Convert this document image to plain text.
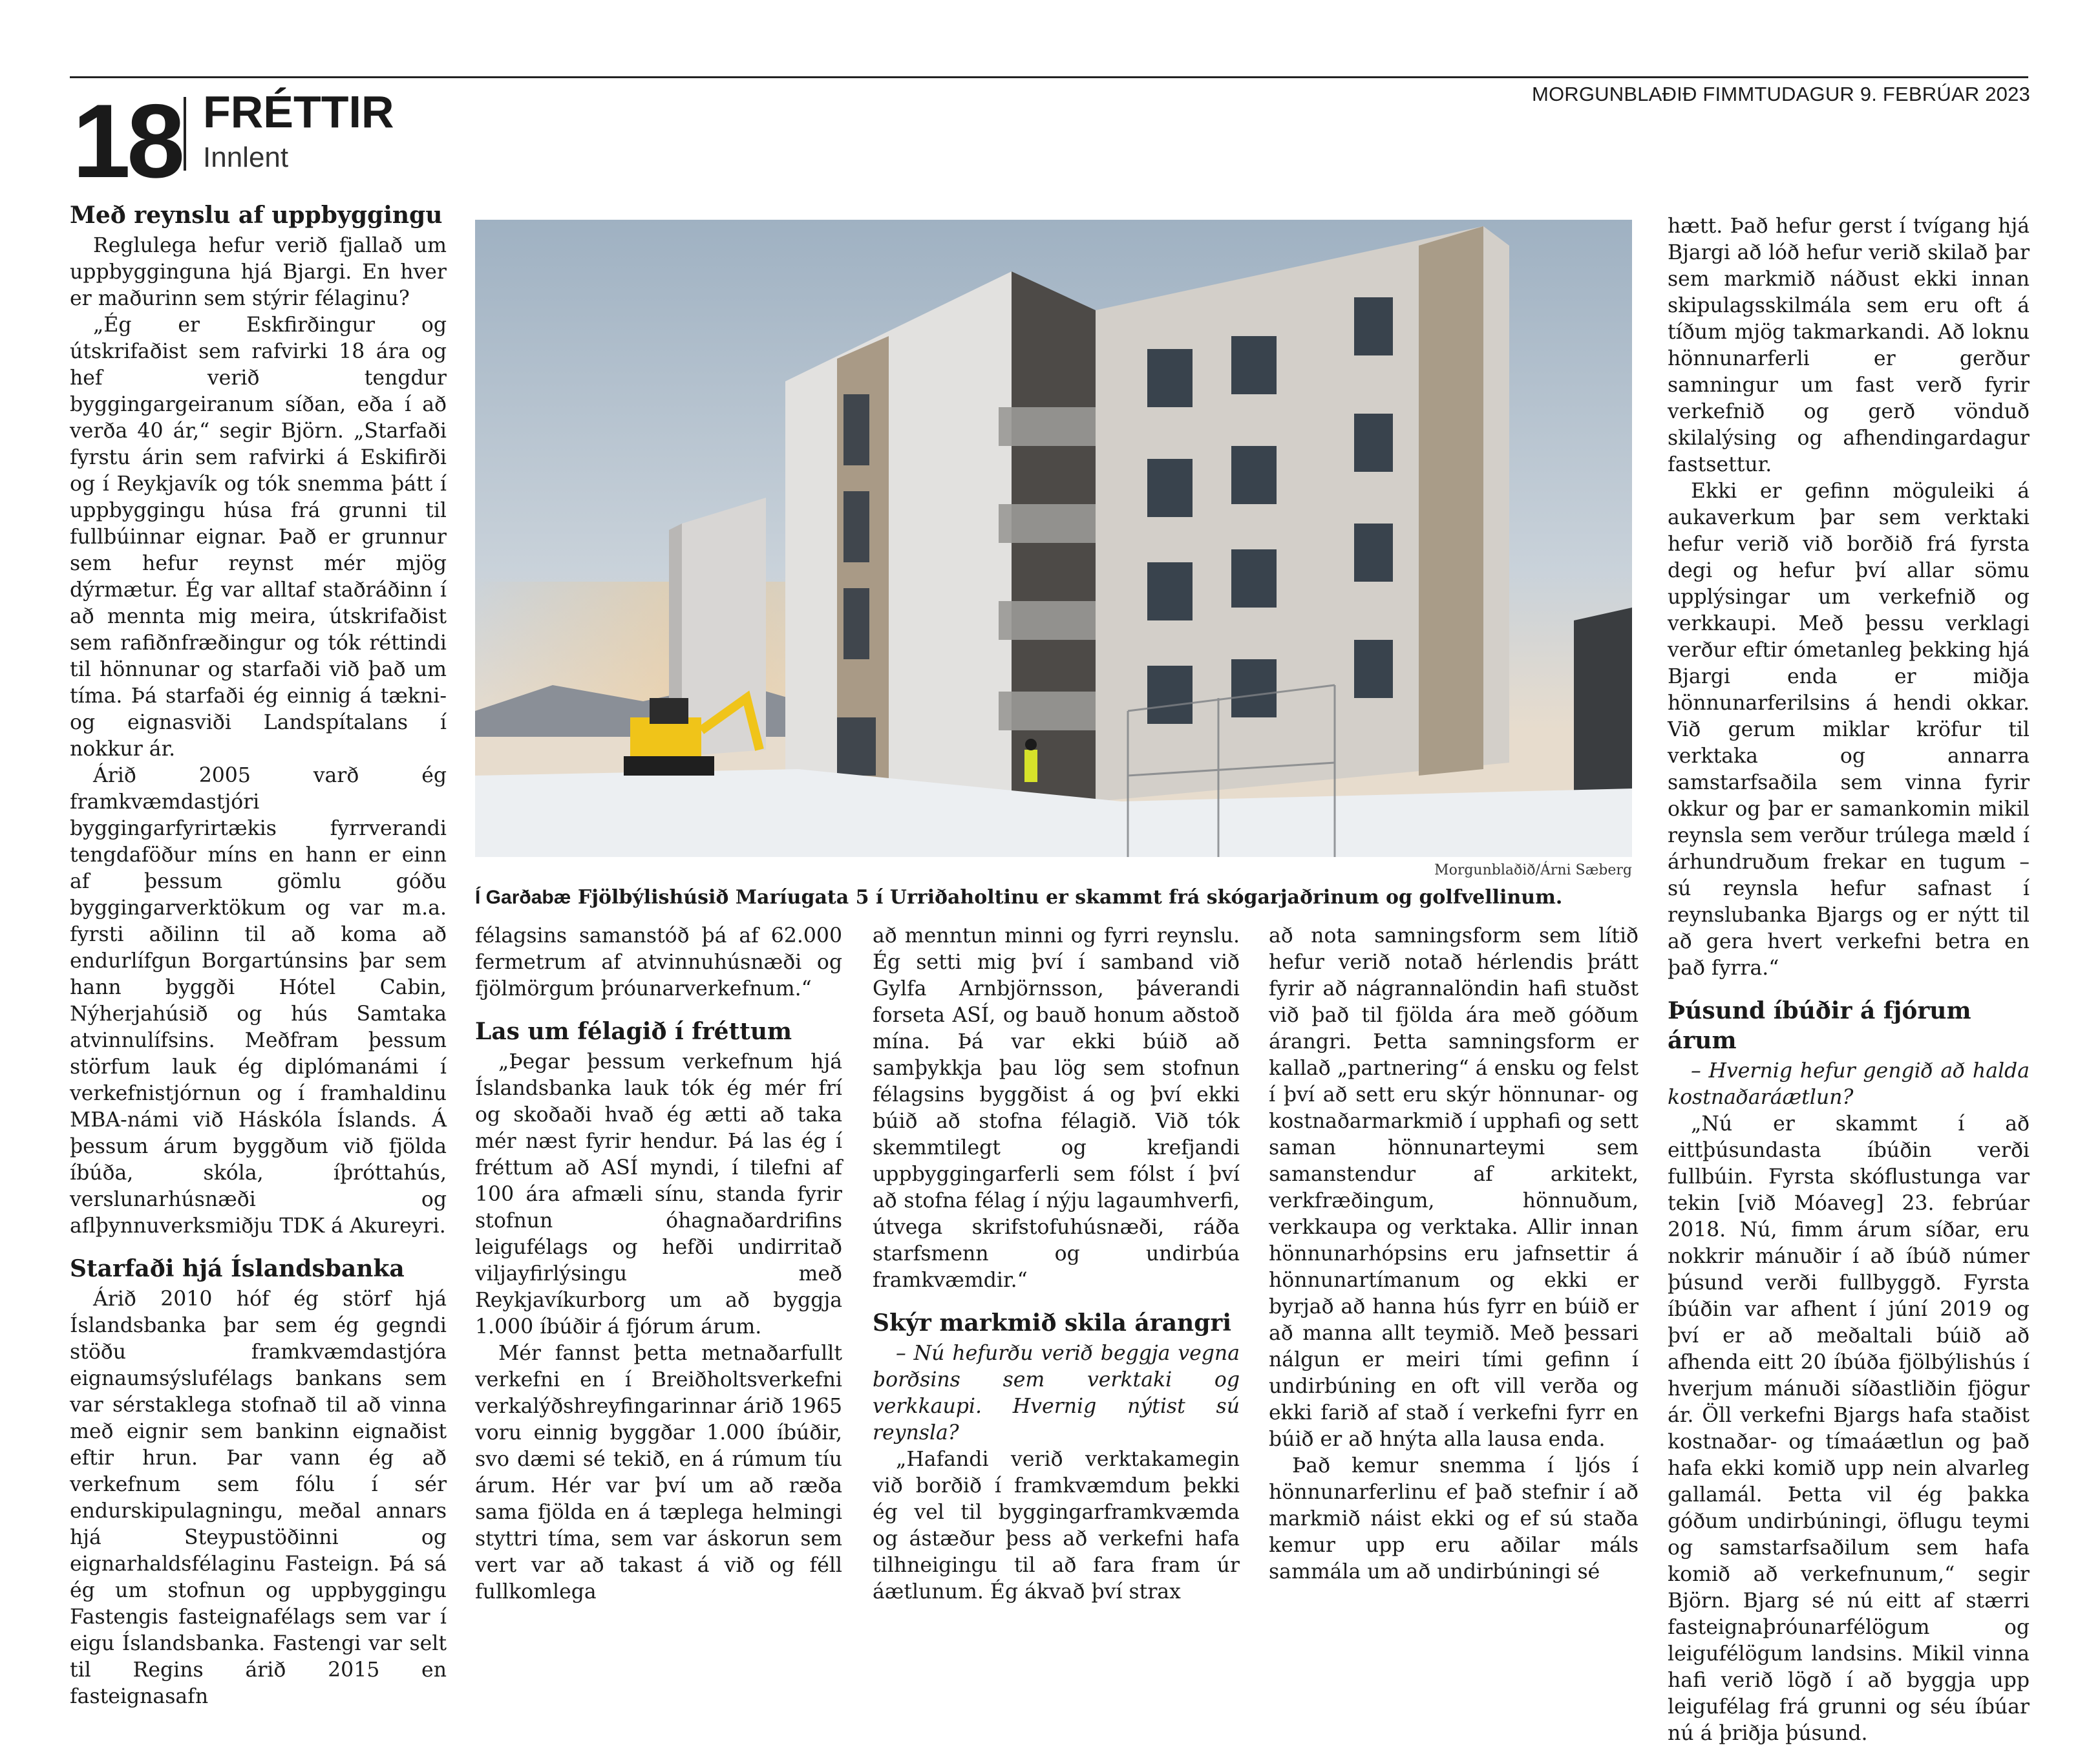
18 FRÉTTIR
Innlent
MORGUNBLAÐIÐ FIMMTUDAGUR 9. FEBRÚAR 2023
Með reynslu af uppbyggingu

Reglulega hefur verið fjallað um uppbygginguna hjá Bjargi. En hver er maðurinn sem stýrir félaginu?

„Ég er Eskfirðingur og útskrifaðist sem rafvirki 18 ára og hef verið tengdur byggingargeiranum síðan, eða í að verða 40 ár,“ segir Björn. „Starfaði fyrstu árin sem rafvirki á Eskifirði og í Reykjavík og tók snemma þátt í uppbyggingu húsa frá grunni til fullbúinnar eignar. Það er grunnur sem hefur reynst mér mjög dýrmætur. Ég var alltaf staðráðinn í að mennta mig meira, útskrifaðist sem rafiðnfræðingur og tók réttindi til hönnunar og starfaði við það um tíma. Þá starfaði ég einnig á tækni- og eignasviði Landspítalans í nokkur ár.

Árið 2005 varð ég framkvæmdastjóri byggingarfyrirtækis fyrrverandi tengdaföður míns en hann er einn af þessum gömlu góðu byggingarverktökum og var m.a. fyrsti aðilinn til að koma að endurlífgun Borgartúnsins þar sem hann byggði Hótel Cabin, Nýherjahúsið og hús Samtaka atvinnulífsins. Meðfram þessum störfum lauk ég diplómanámi í verkefnistjórnun og í framhaldinu MBA-námi við Háskóla Íslands. Á þessum árum byggðum við fjölda íbúða, skóla, íþróttahús, verslunarhúsnæði og aflþynnuverksmiðju TDK á Akureyri.

Starfaði hjá Íslandsbanka

Árið 2010 hóf ég störf hjá Íslandsbanka þar sem ég gegndi stöðu framkvæmdastjóra eignaumsýslufélags bankans sem var sérstaklega stofnað til að vinna með eignir sem bankinn eignaðist eftir hrun. Þar vann ég að verkefnum sem fólu í sér endurskipulagningu, meðal annars hjá Steypustöðinni og eignarhaldsfélaginu Fasteign. Þá sá ég um stofnun og uppbyggingu Fastengis fasteignafélags sem var í eigu Íslandsbanka. Fastengi var selt til Regins árið 2015 en fasteignasafn

Morgunblaðið/Árni Sæberg
Í Garðabæ Fjölbýlishúsið Maríugata 5 í Urriðaholtinu er skammt frá skógarjaðrinum og golfvellinum.

félagsins samanstóð þá af 62.000 fermetrum af atvinnuhúsnæði og fjölmörgum þróunarverkefnum.“

Las um félagið í fréttum

„Þegar þessum verkefnum hjá Íslandsbanka lauk tók ég mér frí og skoðaði hvað ég ætti að taka mér næst fyrir hendur. Þá las ég í fréttum að ASÍ myndi, í tilefni af 100 ára afmæli sínu, standa fyrir stofnun óhagnaðardrifins leigufélags og hefði undirritað viljayfirlýsingu með Reykjavíkurborg um að byggja 1.000 íbúðir á fjórum árum.

Mér fannst þetta metnaðarfullt verkefni en í Breiðholtsverkefni verkalýðshreyfingarinnar árið 1965 voru einnig byggðar 1.000 íbúðir, svo dæmi sé tekið, en á rúmum tíu árum. Hér var því um að ræða sama fjölda en á tæplega helmingi styttri tíma, sem var áskorun sem vert var að takast á við og féll fullkomlega

að menntun minni og fyrri reynslu. Ég setti mig því í samband við Gylfa Arnbjörnsson, þáverandi forseta ASÍ, og bauð honum aðstoð mína. Þá var ekki búið að samþykkja þau lög sem stofnun félagsins byggðist á og því ekki búið að stofna félagið. Við tók skemmtilegt og krefjandi uppbyggingarferli sem fólst í því að stofna félag í nýju lagaumhverfi, útvega skrifstofuhúsnæði, ráða starfsmenn og undirbúa framkvæmdir.“

Skýr markmið skila árangri

– Nú hefurðu verið beggja vegna borðsins sem verktaki og verkkaupi. Hvernig nýtist sú reynsla?

„Hafandi verið verktakamegin við borðið í framkvæmdum þekki ég vel til byggingarframkvæmda og ástæður þess að verkefni hafa tilhneigingu til að fara fram úr áætlunum. Ég ákvað því strax

að nota samningsform sem lítið hefur verið notað hérlendis þrátt fyrir að nágrannalöndin hafi stuðst við það til fjölda ára með góðum árangri. Þetta samningsform er kallað „partnering“ á ensku og felst í því að sett eru skýr hönnunar- og kostnaðarmarkmið í upphafi og sett saman hönnunarteymi sem samanstendur af arkitekt, verkfræðingum, hönnuðum, verkkaupa og verktaka. Allir innan hönnunarhópsins eru jafnsettir á hönnunartímanum og ekki er byrjað að hanna hús fyrr en búið er að manna allt teymið. Með þessari nálgun er meiri tími gefinn í undirbúning en oft vill verða og ekki farið af stað í verkefni fyrr en búið er að hnýta alla lausa enda.

Það kemur snemma í ljós í hönnunarferlinu ef það stefnir í að markmið náist ekki og ef sú staða kemur upp eru aðilar máls sammála um að undirbúningi sé

hætt. Það hefur gerst í tvígang hjá Bjargi að lóð hefur verið skilað þar sem markmið náðust ekki innan skipulagsskilmála sem eru oft á tíðum mjög takmarkandi. Að loknu hönnunarferli er gerður samningur um fast verð fyrir verkefnið og gerð vönduð skilalýsing og afhendingardagur fastsettur.

Ekki er gefinn möguleiki á aukaverkum þar sem verktaki hefur verið við borðið frá fyrsta degi og hefur því allar sömu upplýsingar um verkefnið og verkkaupi. Með þessu verklagi verður eftir ómetanleg þekking hjá Bjargi enda er miðja hönnunarferilsins á hendi okkar. Við gerum miklar kröfur til verktaka og annarra samstarfsaðila sem vinna fyrir okkur og þar er samankomin mikil reynsla sem verður trúlega mæld í árhundruðum frekar en tugum – sú reynsla hefur safnast í reynslubanka Bjargs og er nýtt til að gera hvert verkefni betra en það fyrra.“

Þúsund íbúðir á fjórum árum

– Hvernig hefur gengið að halda kostnaðaráætlun?

„Nú er skammt í að eittþúsundasta íbúðin verði fullbúin. Fyrsta skóflustunga var tekin [við Móaveg] 23. febrúar 2018. Nú, fimm árum síðar, eru nokkrir mánuðir í að íbúð númer þúsund verði fullbyggð. Fyrsta íbúðin var afhent í júní 2019 og því er að meðaltali búið að afhenda eitt 20 íbúða fjölbýlishús í hverjum mánuði síðastliðin fjögur ár. Öll verkefni Bjargs hafa staðist kostnaðar- og tímaáætlun og það hafa ekki komið upp nein alvarleg gallamál. Þetta vil ég þakka góðum undirbúningi, öflugu teymi og samstarfsaðilum sem hafa komið að verkefnunum,“ segir Björn. Bjarg sé nú eitt af stærri fasteignaþróunarfélögum og leigufélögum landsins. Mikil vinna hafi verið lögð í að byggja upp leigufélag frá grunni og séu íbúar nú á þriðja þúsund.
